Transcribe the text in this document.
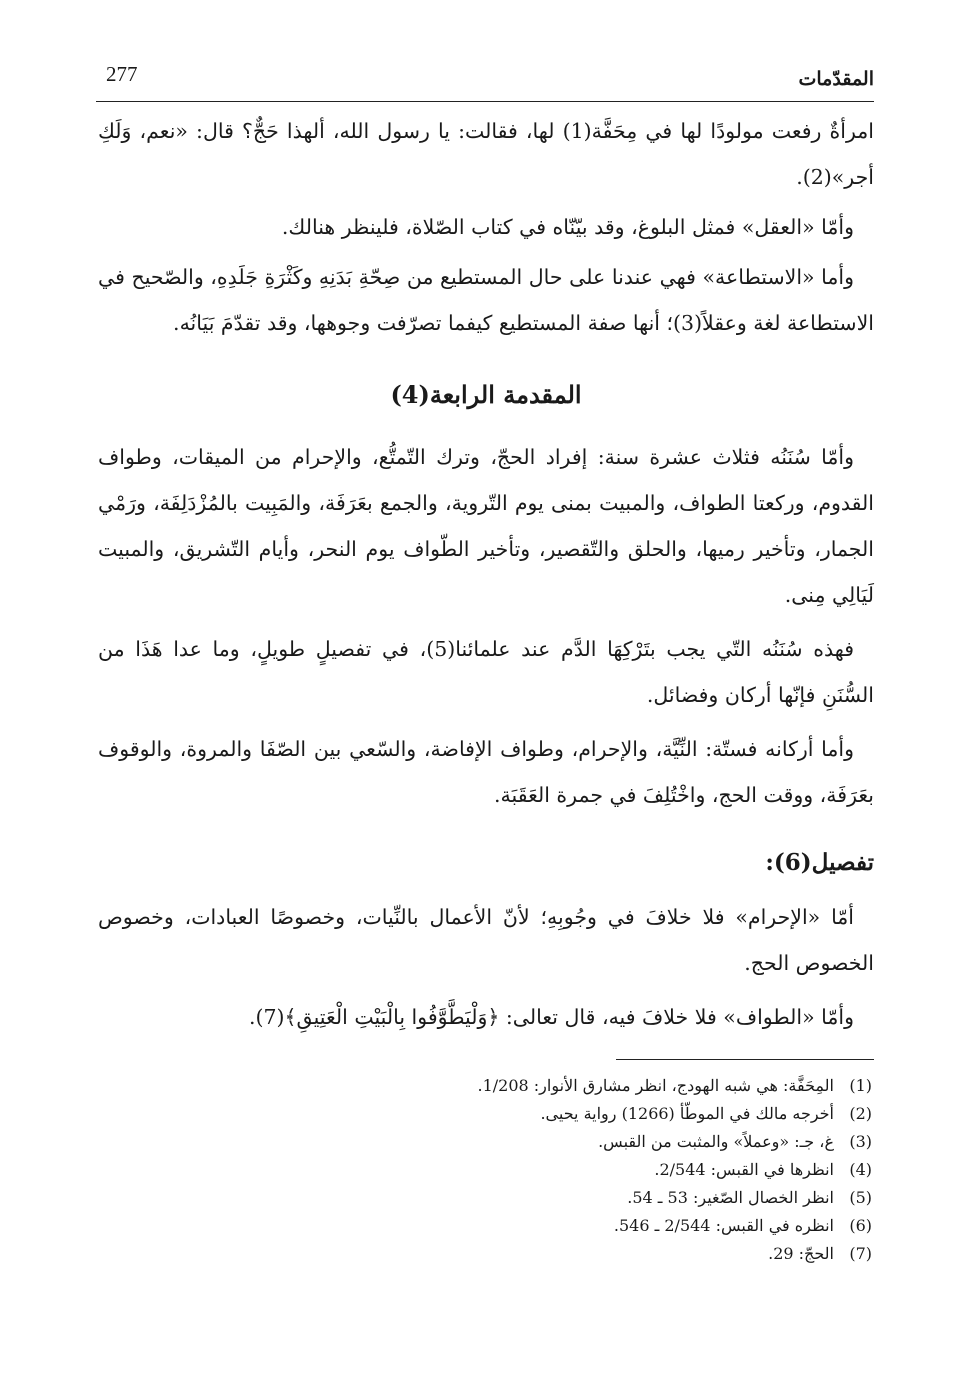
277	المقدّمات

امرأةٌ رفعت مولودًا لها في مِحَفَّة(1) لها، فقالت: يا رسول الله، ألهذا حَجٌّ؟ قال: «نعم، وَلَكِ أجر»(2).

وأمّا «العقل» فمثل البلوغ، وقد بيّنّاه في كتاب الصّلاة، فلينظر هنالك.

وأما «الاستطاعة» فهي عندنا على حال المستطيع من صِحّةِ بَدَنِهِ وكَثْرَةِ جَلَدِهِ، والصّحيح في الاستطاعة لغة وعقلاً(3)؛ أنها صفة المستطيع كيفما تصرّفت وجوهها، وقد تقدّمَ بَيَانُه.

المقدمة الرابعة(4)

وأمّا سُنَنُه فثلاث عشرة سنة: إفراد الحجّ، وترك التّمتُّع، والإحرام من الميقات، وطواف القدوم، وركعتا الطواف، والمبيت بمنى يوم التّروية، والجمع بعَرَفَة، والمَبِيت بالمُزْدَلِفَة، ورَمْي الجمار، وتأخير رميها، والحلق والتّقصير، وتأخير الطّواف يوم النحر، وأيام التّشريق، والمبيت لَيَالِي مِنى.

فهذه سُنَنُه التّي يجب بتَرْكِهَا الدَّم عند علمائنا(5)، في تفصيلٍ طويلٍ، وما عدا هَذَا من السُّنَنِ فإنّها أركان وفضائل.

وأما أركانه فستّة: النِّيَّة، والإحرام، وطواف الإفاضة، والسّعي بين الصّفَا والمروة، والوقوف بعَرَفَة، ووقت الحج، واخْتُلِفَ في جمرة العَقَبَة.

تفصيل(6):

أمّا «الإحرام» فلا خلافَ في وجُوبِهِ؛ لأنّ الأعمال بالنِّيات، وخصوصًا العبادات، وخصوص الخصوص الحج.

وأمّا «الطواف» فلا خلافَ فيه، قال تعالى: ﴿وَلْيَطَّوَّفُوا بِالْبَيْتِ الْعَتِيقِ﴾(7).

(1)
المِحَفَّة: هي شبه الهودج، انظر مشارق الأنوار: 1/208.
(2)
أخرجه مالك في الموطّأ (1266) رواية يحيى.
(3)
غ، جـ: «وعملاً» والمثبت من القبس.
(4)
انظرها في القبس: 2/544.
(5)
انظر الخصال الصّغير: 53 ـ 54.
(6)
انظره في القبس: 2/544 ـ 546.
(7)
الحجّ: 29.
